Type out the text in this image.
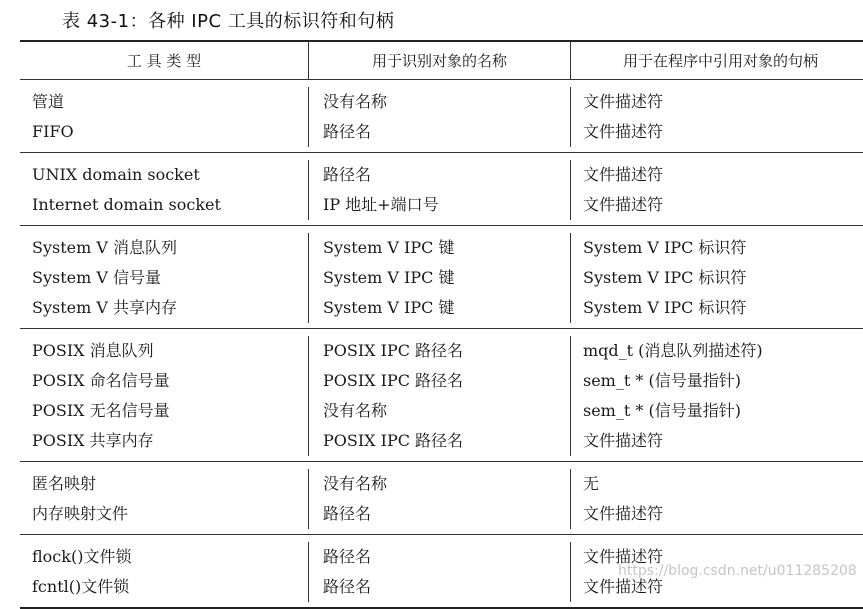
表 43-1：各种 IPC 工具的标识符和句柄
工 具 类 型	用于识别对象的名称	用于在程序中引用对象的句柄
管道
FIFO
没有名称
路径名
文件描述符
文件描述符
UNIX domain socket
Internet domain socket
路径名
IP 地址+端口号
文件描述符
文件描述符
System V 消息队列
System V 信号量
System V 共享内存
System V IPC 键
System V IPC 键
System V IPC 键
System V IPC 标识符
System V IPC 标识符
System V IPC 标识符
POSIX 消息队列
POSIX 命名信号量
POSIX 无名信号量
POSIX 共享内存
POSIX IPC 路径名
POSIX IPC 路径名
没有名称
POSIX IPC 路径名
mqd_t (消息队列描述符)
sem_t * (信号量指针)
sem_t * (信号量指针)
文件描述符
匿名映射
内存映射文件
没有名称
路径名
无
文件描述符
flock()文件锁
fcntl()文件锁
路径名
路径名
文件描述符
文件描述符
https://blog.csdn.net/u011285208
